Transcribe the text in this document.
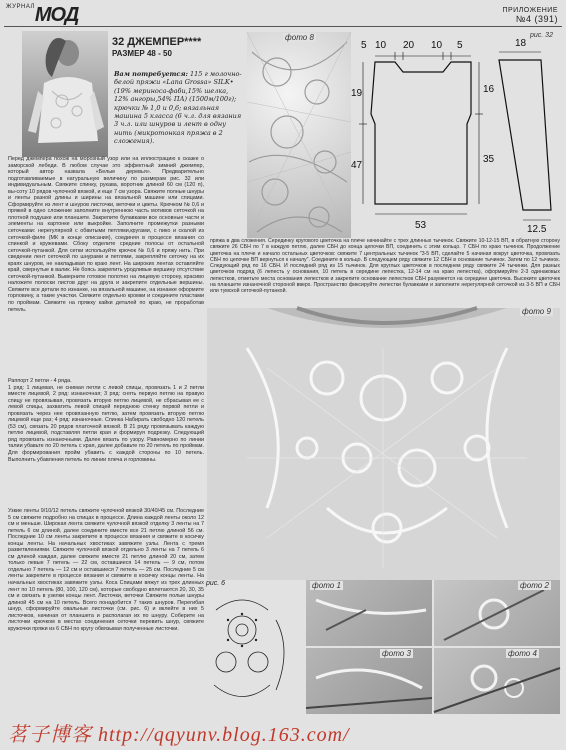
$^{ЖУРНАЛ}$МОД	ПРИЛОЖЕНИЕ
№4 (391)
32 ДЖЕМПЕР****
РАЗМЕР 48 - 50
Вам потребуется: 115 г молочно-белой пряжи «Lana Grossa» SILK• (19% мериноса-фаби,15% шелка, 12% ангоры,54% ПА) (1500м/100г); крючки № 1,0 и 0,6; вязальная машина 5 класса (6 ч.л. для вязания 3 ч.л. или шнуров и лент в одну нить (микротонкая пряжа в 2 сложения).
фото 8
5 10 20 10 5	18
19
47
16
35
53	12.5
рис. 32

Перед джемпера похож на морозный узор или на иллюстрацию к сказке о заморской лебеди. В любом случае это эффектный зимний джемпер, который автор назвала «Белые деревья». Предварительно подготавливаемые в натуральную величину по размерам рис. 32 или индивидуальным. Свяжите спинку, рукава, воротник длиной 60 см (120 п), вы-соту 10 рядов чулочной вязкой, и еще 7 см узора. Свяжите полные шнуры и ленты разной длины и ширины на вязальной машине или спицами. Сформируйте из лент и шнуров листочки, веточки и цветы. Крючком № 0,6 и пряжей в одно сложение заполните внутреннюю часть мотивов сеточкой на плотной подушке или планшете. Закрепите булавками все основные части и элементы на картонке или выкройке. Заполните промежутки разными сеточками: нерегулярной с обвитыми петлями,кругами, с пико и скалой из сеточкой-филе (МК в конце описания), соединяя в процессе вязания со спинкой и кружевами. Сбоку отделите средние полосы от остальной сеточкой-путанкой. Для сетки используйте крючок № 0,6 и пряжу нить. При сведении лент сеточкой по шнурами и петлями, закрепляйте сеточку на их краях шнуров, не накладывая по краю лент. На широких лентах оставляйте край, свернутые в валик. Не боясь закрепить уродливые вершину отсутствие сеточкой-путанкой. Выверните готовое полотно на лицевую сторону, красиво наложите полоски листов друг на друга и закрепите отдельные вершины. Свяжите все детали по изнанке, на вязальной машине, на изнанке оформите горловину, а такие участки. Свяжите отдельно кромки и соедините пластами по проймам. Свяжите на пряжку кайки деталей по краю, не проработав петель.

Раппорт 2 петли - 4 ряда.
1 ряд: 1 лицевая, не снимая петли с левой спицы, провязать 1 и 2 петли вместе лицевой, 2 ряд: изнаночная; 3 ряд: снять первую петлю на правую спицу не провязывая, провязать вторую петлю лицевой, не сбрасывая ее с левой спицы, захватить левой спицей переднюю стенку первой петли и провязать через нее провязанную петлю, затем провязать вторую петлю лицевой еще раз; 4 ряд: изнаночные. Спинка Набирать свободно 120 петель (53 см), связать 20 рядов платочной вязкой. В 21 ряду провязывать каждую петлю лицевой, подставляя петли края и формируя подрезку. Следующий ряд провязать изнаночными. Далее вязать по узору. Равномерно по линии талии убавьте по 20 петель с края, далее добавьте по 20 петель по проймам. Для формирования пройм убавить с каждой стороны по 10 петель. Выполнить убавления петель по линии плеча и горловины.

Узкие ленты 9/10/12 петель свяжите чулочной вязкой 30/40/45 см. Последние 5 см свяжите подробно на спицах в процессе. Длина каждой ленты около 12 см и меньше. Широкая лента свяжите чулочной вязкой отделку 3 ленты на 7 петель 6 см длиной, далее соедините вместе все 21 петлю длиной 56 см. Последние 10 см ленты закрепите в процессе вязания и свяжите в косичку концы ленты. На начальных хвостиках завяжите узлы. Лента с тремя разветвлениями. Свяжите чулочной вязкой отдельно 3 ленты на 7 петель 6 см длиной каждая, далее свяжите вместе 21 петлю длиной 20 см, затем только левые 7 петель — 22 см, оставшиеся 14 петель — 9 см, потом отдельно 7 петель — 12 см и оставшиеся 7 петель — 25 см. Последние 5 см ленты закрепите в процессе вязания и свяжите в косичку концы ленты. На начальных хвостиках завяжите узлы. Коса Спицами вяжут из трех длинных лент по 10 петель (80, 100, 120 см), которые свободно вплетаются 20, 30, 35 см и связать в узелки концы лент. Листочки, веточки Свяжите полые шнуры длиной 45 см на 10 петель. Всего понадобится 7 таких шнуров. Перегибая шнур, сформируйте овальные листочки (см. рис. 6) и вклейте в них 5 листочков, начиная от планшета и располагая их по шнуру. Соберите на листочки крючком в местах соединения сеточки перевить шнур, свяжите кружочки пряжи из 6 СБН по кругу обвязывая полученные листочки.

пряжа в два сложения. Серединку кругового цветочка на плече начинайте с трех длинных тычинок. Свяжите 10-12-15 ВП, в обратную сторону свяжите 26 СБН по 7 в каждую петлю, далее СБН до конца цепочки ВП, соединить с этим кольцо. 7 СБН по краю тычинок. Продолжение цветочка на плече и начало остальных цветочков: свяжите 7 центральных тычинок "3-5 ВП, сделайте 5 начиная вокруг цветочка, провязать СБН по цепочке ВП вернуться к началу". Соедините в кольцо. В следующем ряду свяжите 12 СБН в основание тычинок. Затем по 12 тычинок. Следующий ряд по 16 СБН. И последний ряд из 15 тычинок. Для круглых цветочков в последнем ряду свяжите 24 тычинки. Для разных цветочков подряд (6 лепесть у основания, 10 петель в середине лепестка, 12-14 см на краю лепестка), оформируйте 2-3 одинаковых лепестков, отметьте места основания лепестков и закрепите основание лепестков СБН разумеется на середине цветочка. Высеките цветочек на планшете изнаночной стороной вверх. Пространство фиксируйте лепестки булавками и заполните нерегулярной сеточкой из 3-5 ВП и СБН или тумской сеточкой-путанкой.

фото 9
рис. 6	фото 1	фото 2
фото 3	фото 4
茗子博客 http://qqyunv.blog.163.com/
